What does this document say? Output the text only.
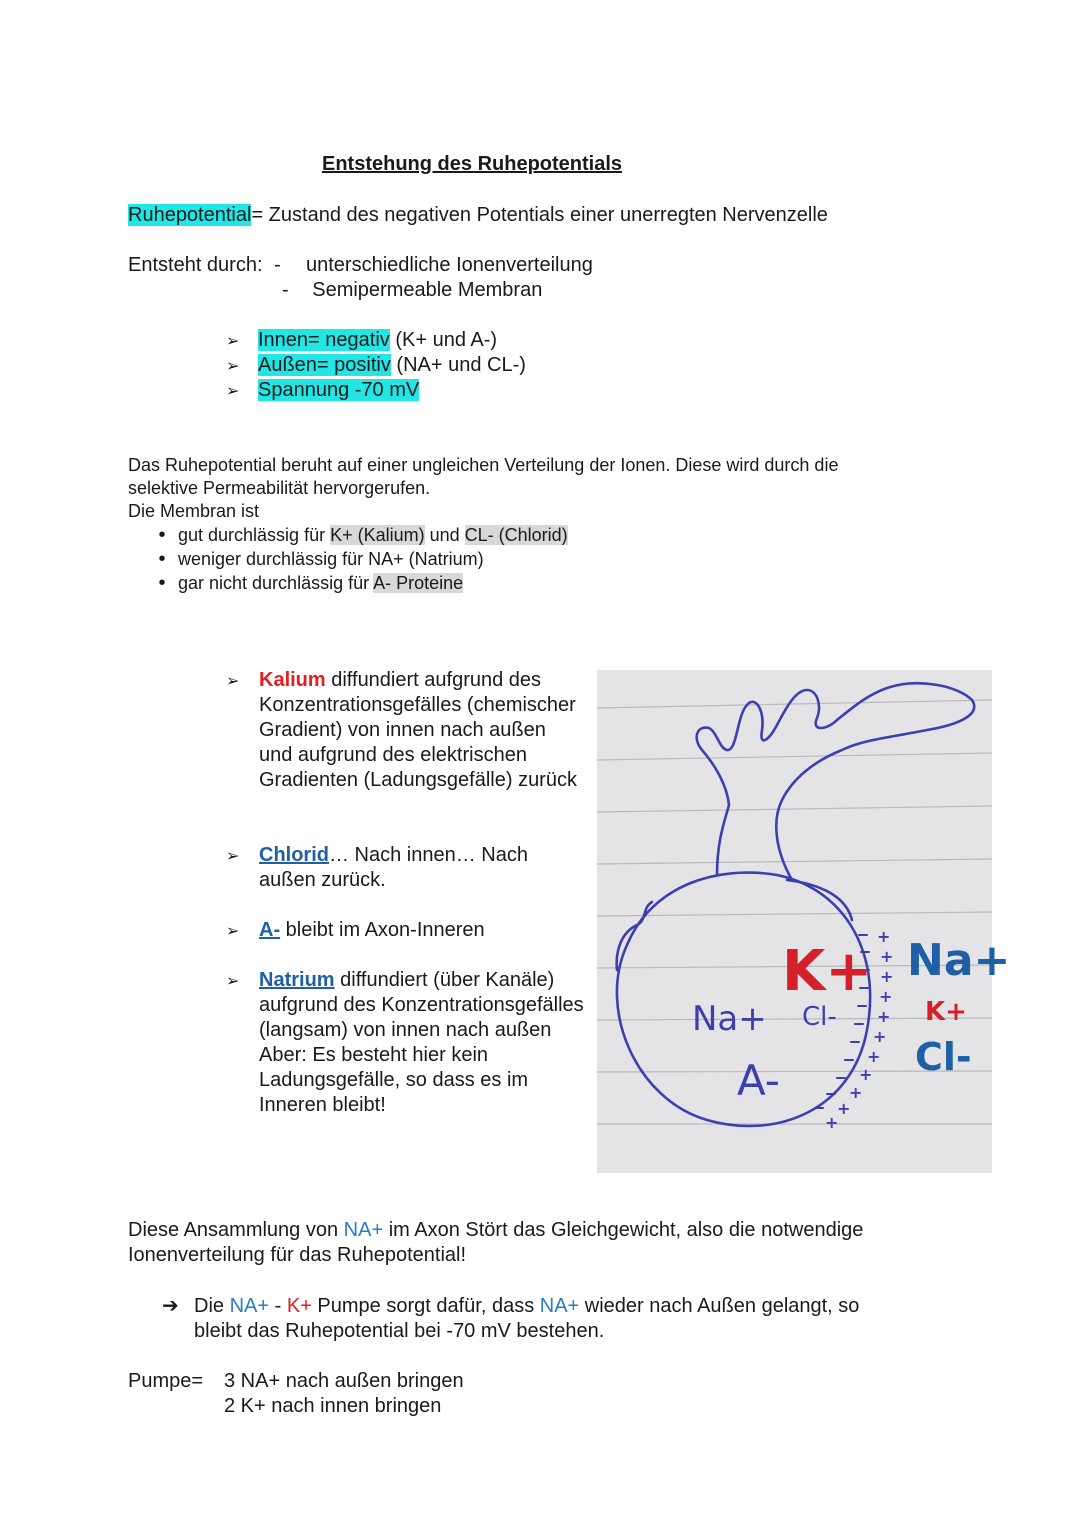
Entstehung des Ruhepotentials
Ruhepotential= Zustand des negativen Potentials einer unerregten Nervenzelle
Entsteht durch: - unterschiedliche Ionenverteilung
- Semipermeable Membran
➢ Innen= negativ (K+ und A-)
➢ Außen= positiv (NA+ und CL-)
➢ Spannung -70 mV
Das Ruhepotential beruht auf einer ungleichen Verteilung der Ionen. Diese wird durch die
selektive Permeabilität hervorgerufen.
Die Membran ist
• gut durchlässig für K+ (Kalium) und CL- (Chlorid)
• weniger durchlässig für NA+ (Natrium)
• gar nicht durchlässig für A- Proteine
➢ Kalium diffundiert aufgrund des Konzentrationsgefälles (chemischer Gradient) von innen nach außen und aufgrund des elektrischen Gradienten (Ladungsgefälle) zurück
➢ Chlorid… Nach innen… Nach außen zurück.
➢ A- bleibt im Axon-Inneren
➢ Natrium diffundiert (über Kanäle) aufgrund des Konzentrationsgefälles (langsam) von innen nach außen Aber: Es besteht hier kein Ladungsgefälle, so dass es im Inneren bleibt!
+
+
+
+
+
+
+
+
+
+
+
K+
Na+ Cl-
A-
Na+
K+
Cl-
Diese Ansammlung von NA+ im Axon Stört das Gleichgewicht, also die notwendige
Ionenverteilung für das Ruhepotential!
➔ Die NA+ - K+ Pumpe sorgt dafür, dass NA+ wieder nach Außen gelangt, so
bleibt das Ruhepotential bei -70 mV bestehen.
Pumpe= 3 NA+ nach außen bringen
2 K+ nach innen bringen
